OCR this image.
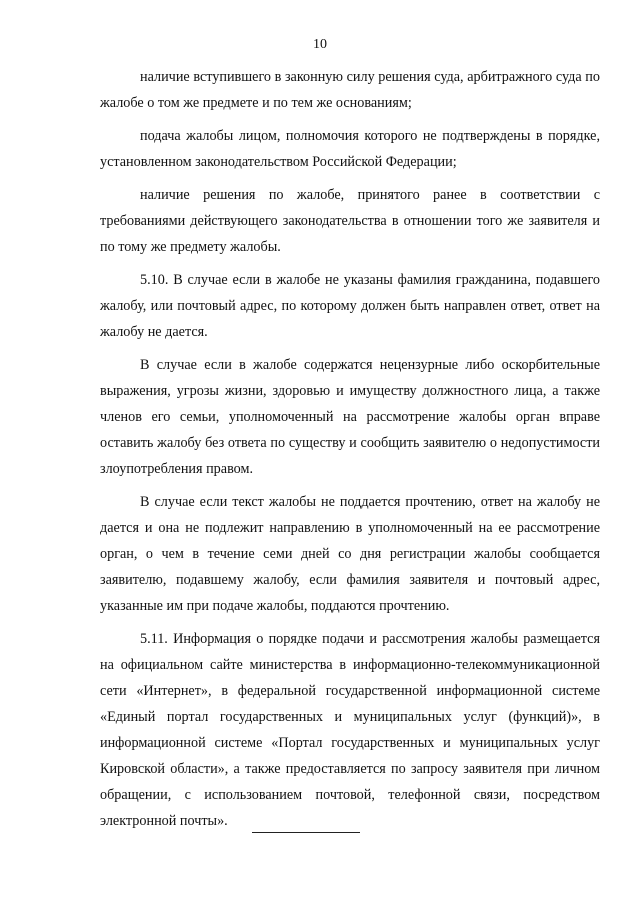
10

наличие вступившего в законную силу решения суда, арбитражного суда по жалобе о том же предмете и по тем же основаниям;

подача жалобы лицом, полномочия которого не подтверждены в порядке, установленном законодательством Российской Федерации;

наличие решения по жалобе, принятого ранее в соответствии с требованиями действующего законодательства в отношении того же заявителя и по тому же предмету жалобы.

5.10. В случае если в жалобе не указаны фамилия гражданина, подавшего жалобу, или почтовый адрес, по которому должен быть направлен ответ, ответ на жалобу не дается.

В случае если в жалобе содержатся нецензурные либо оскорбительные выражения, угрозы жизни, здоровью и имуществу должностного лица, а также членов его семьи, уполномоченный на рассмотрение жалобы орган вправе оставить жалобу без ответа по существу и сообщить заявителю о недопустимости злоупотребления правом.

В случае если текст жалобы не поддается прочтению, ответ на жалобу не дается и она не подлежит направлению в уполномоченный на ее рассмотрение орган, о чем в течение семи дней со дня регистрации жалобы сообщается заявителю, подавшему жалобу, если фамилия заявителя и почтовый адрес, указанные им при подаче жалобы, поддаются прочтению.

5.11. Информация о порядке подачи и рассмотрения жалобы размещается на официальном сайте министерства в информационно-телекоммуникационной сети «Интернет», в федеральной государственной информационной системе «Единый портал государственных и муниципальных услуг (функций)», в информационной системе «Портал государственных и муниципальных услуг Кировской области», а также предоставляется по запросу заявителя при личном обращении, с использованием почтовой, телефонной связи, посредством электронной почты».
